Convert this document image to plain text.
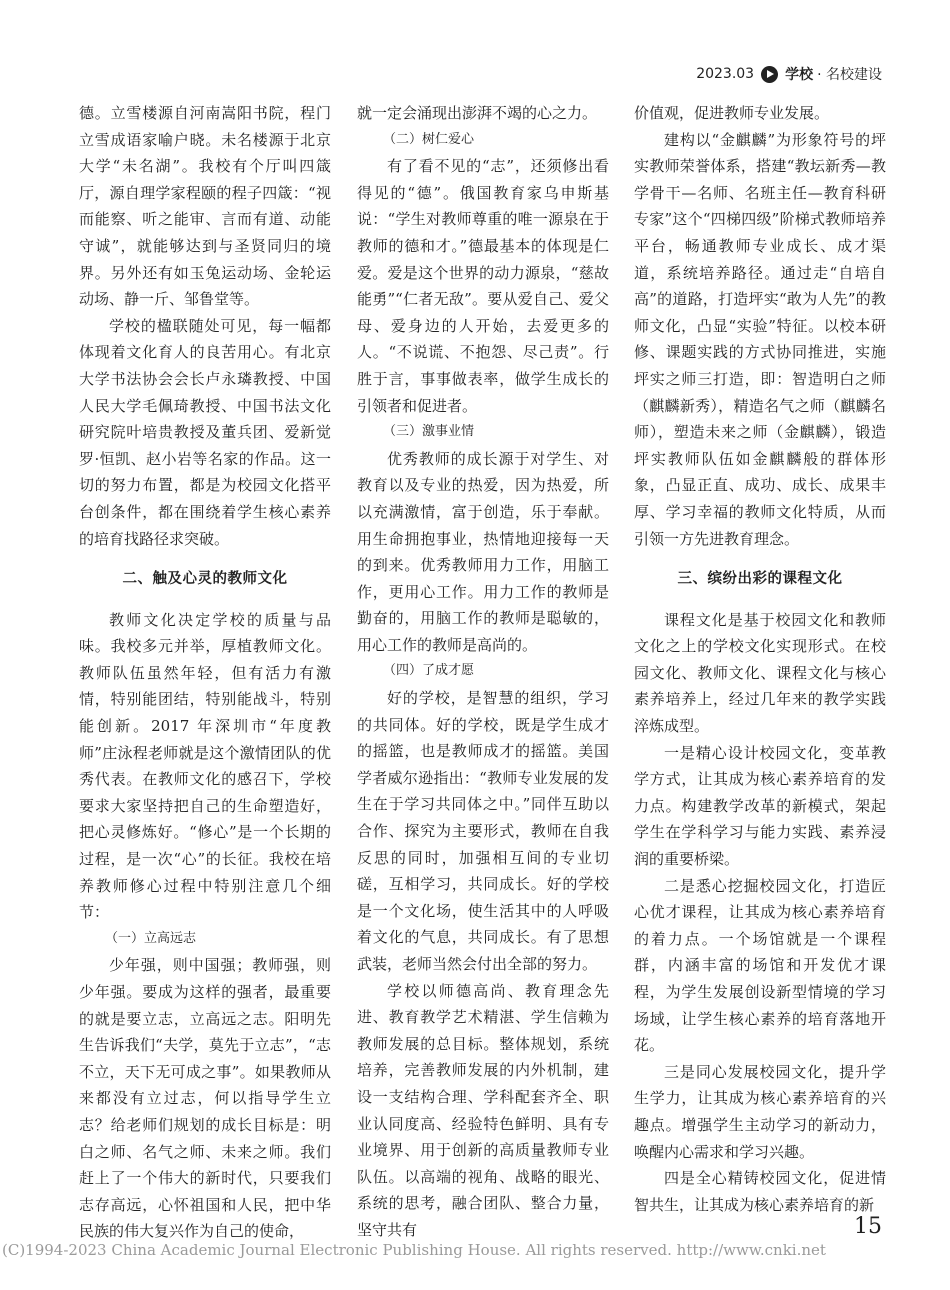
2023.03 学校 · 名校建设

德。立雪楼源自河南嵩阳书院，程门立雪成语家喻户晓。未名楼源于北京大学“未名湖”。我校有个厅叫四箴厅，源自理学家程颐的程子四箴：“视而能察、听之能审、言而有道、动能守诚”，就能够达到与圣贤同归的境界。另外还有如玉兔运动场、金轮运动场、静一斤、邹鲁堂等。

学校的楹联随处可见，每一幅都体现着文化育人的良苦用心。有北京大学书法协会会长卢永璘教授、中国人民大学毛佩琦教授、中国书法文化研究院叶培贵教授及董兵团、爱新觉罗·恒凯、赵小岩等名家的作品。这一切的努力布置，都是为校园文化搭平台创条件，都在围绕着学生核心素养的培育找路径求突破。

二、触及心灵的教师文化

教师文化决定学校的质量与品味。我校多元并举，厚植教师文化。教师队伍虽然年轻，但有活力有激情，特别能团结，特别能战斗，特别能创新。2017 年深圳市“年度教师”庄泳程老师就是这个激情团队的优秀代表。在教师文化的感召下，学校要求大家坚持把自己的生命塑造好，把心灵修炼好。“修心”是一个长期的过程，是一次“心”的长征。我校在培养教师修心过程中特别注意几个细节：

（一）立高远志

少年强，则中国强；教师强，则少年强。要成为这样的强者，最重要的就是要立志，立高远之志。阳明先生告诉我们“夫学，莫先于立志”，“志不立，天下无可成之事”。如果教师从来都没有立过志，何以指导学生立志？给老师们规划的成长目标是：明白之师、名气之师、未来之师。我们赶上了一个伟大的新时代，只要我们志存高远，心怀祖国和人民，把中华民族的伟大复兴作为自己的使命，

就一定会涌现出澎湃不竭的心之力。

（二）树仁爱心

有了看不见的“志”，还须修出看得见的“德”。俄国教育家乌申斯基说：“学生对教师尊重的唯一源泉在于教师的德和才。”德最基本的体现是仁爱。爱是这个世界的动力源泉，“慈故能勇”“仁者无敌”。要从爱自己、爱父母、爱身边的人开始，去爱更多的人。“不说谎、不抱怨、尽己责”。行胜于言，事事做表率，做学生成长的引领者和促进者。

（三）激事业情

优秀教师的成长源于对学生、对教育以及专业的热爱，因为热爱，所以充满激情，富于创造，乐于奉献。用生命拥抱事业，热情地迎接每一天的到来。优秀教师用力工作，用脑工作，更用心工作。用力工作的教师是勤奋的，用脑工作的教师是聪敏的，用心工作的教师是高尚的。

（四）了成才愿

好的学校，是智慧的组织，学习的共同体。好的学校，既是学生成才的摇篮，也是教师成才的摇篮。美国学者威尔逊指出：“教师专业发展的发生在于学习共同体之中。”同伴互助以合作、探究为主要形式，教师在自我反思的同时，加强相互间的专业切磋，互相学习，共同成长。好的学校是一个文化场，使生活其中的人呼吸着文化的气息，共同成长。有了思想武装，老师当然会付出全部的努力。

学校以师德高尚、教育理念先进、教育教学艺术精湛、学生信赖为教师发展的总目标。整体规划，系统培养，完善教师发展的内外机制，建设一支结构合理、学科配套齐全、职业认同度高、经验特色鲜明、具有专业境界、用于创新的高质量教师专业队伍。以高端的视角、战略的眼光、系统的思考，融合团队、整合力量，坚守共有

价值观，促进教师专业发展。

建构以“金麒麟”为形象符号的坪实教师荣誉体系，搭建“教坛新秀—教学骨干—名师、名班主任—教育科研专家”这个“四梯四级”阶梯式教师培养平台，畅通教师专业成长、成才渠道，系统培养路径。通过走“自培自高”的道路，打造坪实“敢为人先”的教师文化，凸显“实验”特征。以校本研修、课题实践的方式协同推进，实施坪实之师三打造，即：智造明白之师（麒麟新秀），精造名气之师（麒麟名师），塑造未来之师（金麒麟），锻造坪实教师队伍如金麒麟般的群体形象，凸显正直、成功、成长、成果丰厚、学习幸福的教师文化特质，从而引领一方先进教育理念。

三、缤纷出彩的课程文化

课程文化是基于校园文化和教师文化之上的学校文化实现形式。在校园文化、教师文化、课程文化与核心素养培养上，经过几年来的教学实践淬炼成型。

一是精心设计校园文化，变革教学方式，让其成为核心素养培育的发力点。构建教学改革的新模式，架起学生在学科学习与能力实践、素养浸润的重要桥梁。

二是悉心挖掘校园文化，打造匠心优才课程，让其成为核心素养培育的着力点。一个场馆就是一个课程群，内涵丰富的场馆和开发优才课程，为学生发展创设新型情境的学习场域，让学生核心素养的培育落地开花。

三是同心发展校园文化，提升学生学力，让其成为核心素养培育的兴趣点。增强学生主动学习的新动力，唤醒内心需求和学习兴趣。

四是全心精铸校园文化，促进情智共生，让其成为核心素养培育的新

15
(C)1994-2023 China Academic Journal Electronic Publishing House. All rights reserved. http://www.cnki.net
